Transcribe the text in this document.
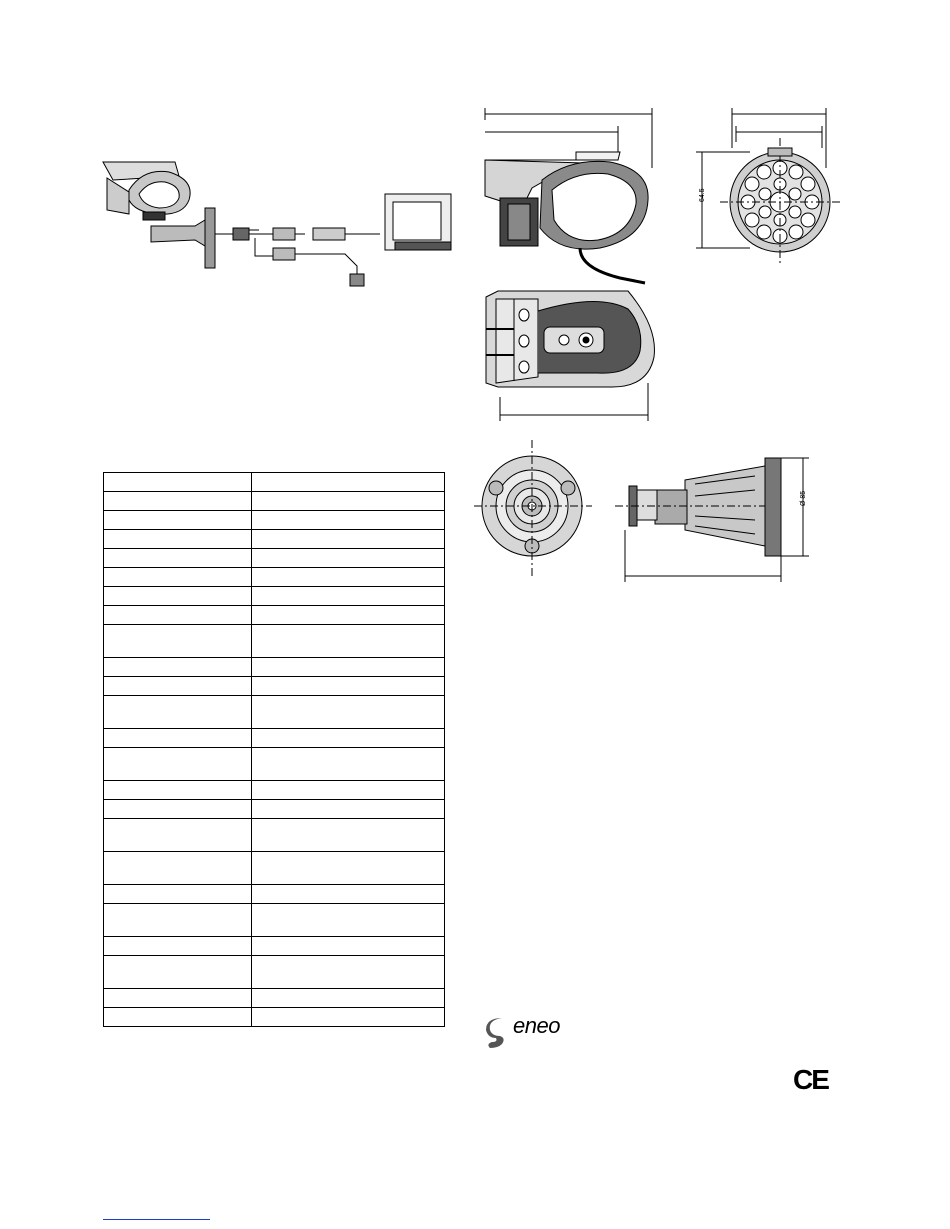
64.5
Ø 85

eneo
CE
